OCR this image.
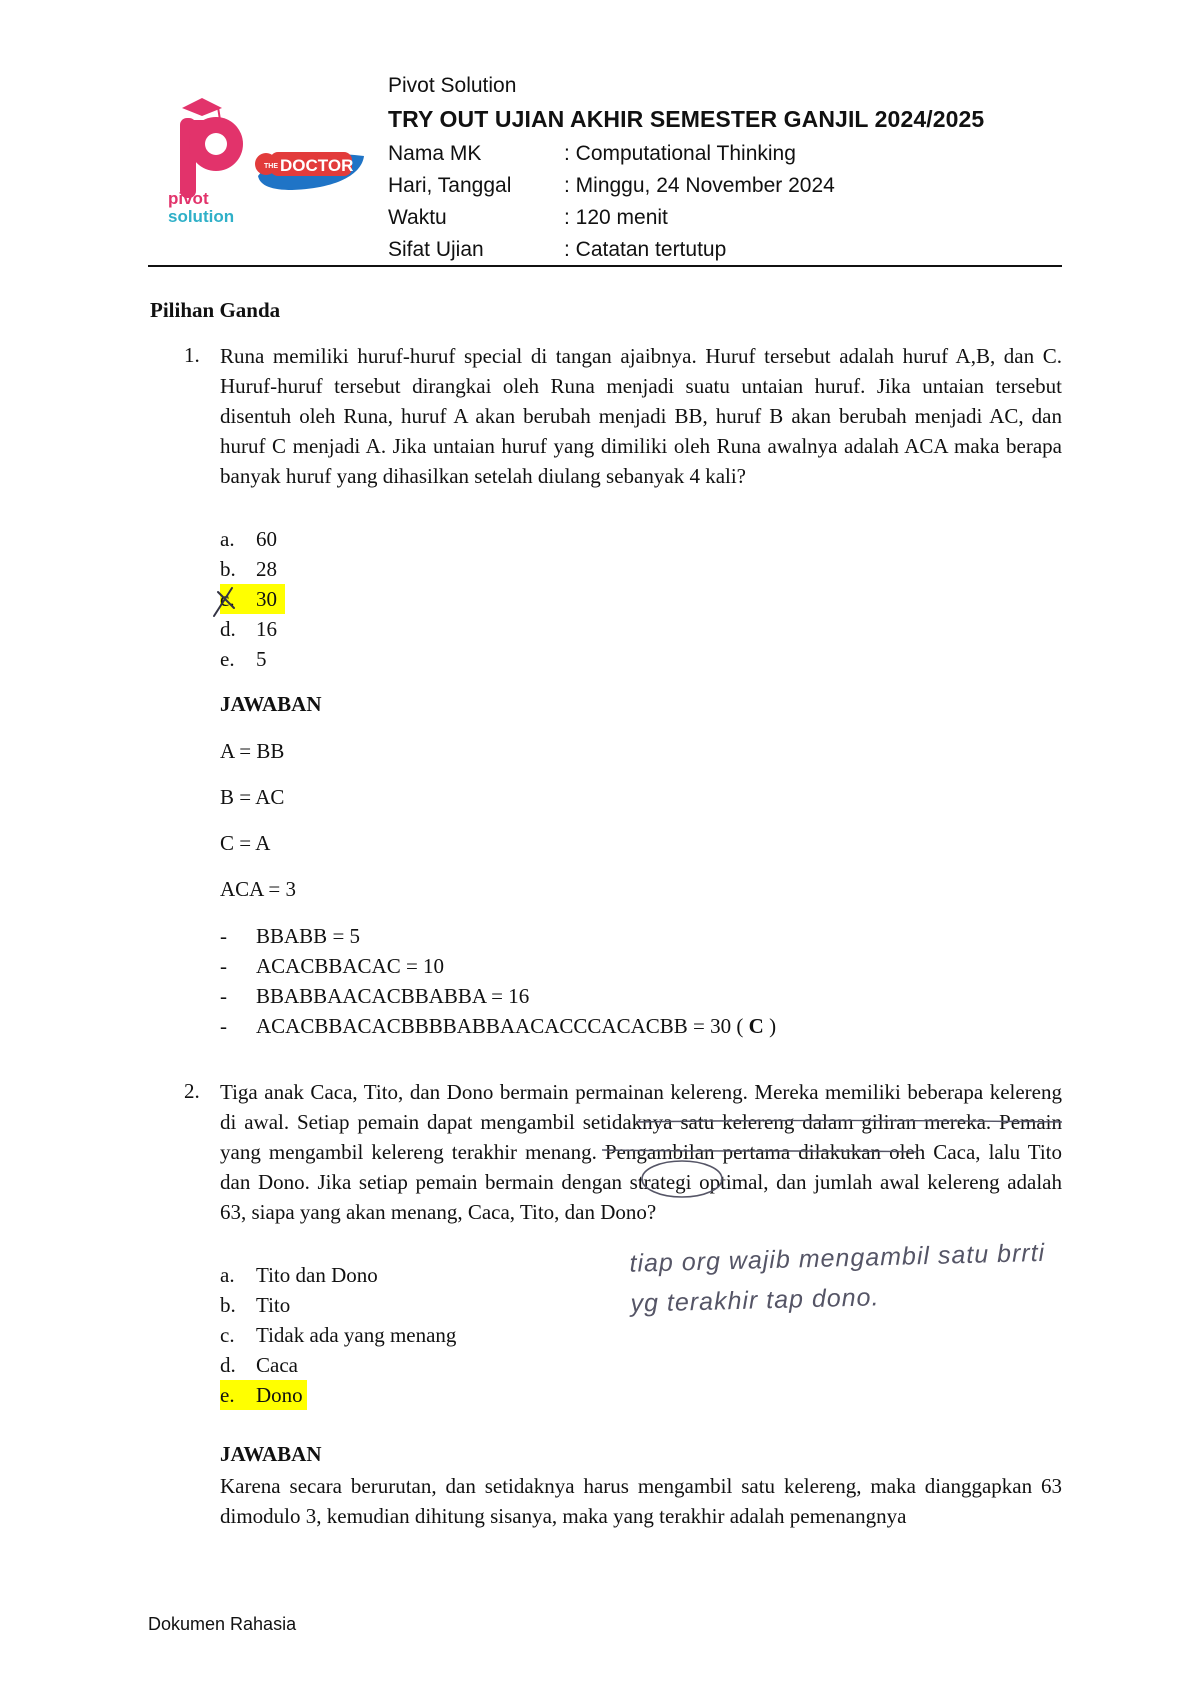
pivot
solution
THE DOCTOR
Pivot Solution
TRY OUT UJIAN AKHIR SEMESTER GANJIL 2024/2025
Nama MK	: Computational Thinking
Hari, Tanggal	: Minggu, 24 November 2024
Waktu	: 120 menit
Sifat Ujian	: Catatan tertutup
Pilihan Ganda
1. Runa memiliki huruf-huruf special di tangan ajaibnya. Huruf tersebut adalah huruf A,B, dan C. Huruf-huruf tersebut dirangkai oleh Runa menjadi suatu untaian huruf. Jika untaian tersebut disentuh oleh Runa, huruf A akan berubah menjadi BB, huruf B akan berubah menjadi AC, dan huruf C menjadi A. Jika untaian huruf yang dimiliki oleh Runa awalnya adalah ACA maka berapa banyak huruf yang dihasilkan setelah diulang sebanyak 4 kali?
a. 60
b. 28
c.	30
d. 16
e. 5
JAWABAN
A = BB
B = AC
C = A
ACA = 3
- BBABB = 5
- ACACBBACAC = 10
- BBABBAACACBBABBA = 16
- ACACBBACACBBBBABBAACACCCACACBB = 30 ( C )
2. Tiga anak Caca, Tito, dan Dono bermain permainan kelereng. Mereka memiliki beberapa kelereng di awal. Setiap pemain dapat mengambil setidaknya satu kelereng dalam giliran mereka. Pemain yang mengambil kelereng terakhir menang. Pengambilan pertama dilakukan oleh Caca, lalu Tito dan Dono. Jika setiap pemain bermain dengan strategi optimal, dan jumlah awal kelereng adalah 63, siapa yang akan menang, Caca, Tito, dan Dono?
a. Tito dan Dono
b. Tito
c. Tidak ada yang menang
d. Caca
e.	Dono
tiap org wajib mengambil satu brrti yg terakhir tap dono.
JAWABAN
Karena secara berurutan, dan setidaknya harus mengambil satu kelereng, maka dianggapkan 63 dimodulo 3, kemudian dihitung sisanya, maka yang terakhir adalah pemenangnya
Dokumen Rahasia
